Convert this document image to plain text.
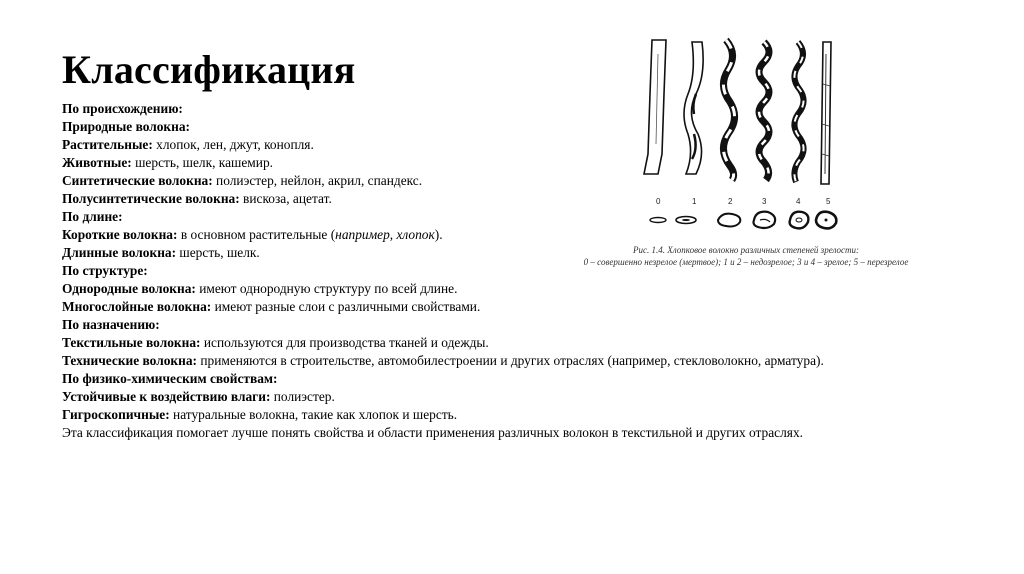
Классификация
По происхождению:
Природные волокна:
Растительные: хлопок, лен, джут, конопля.
Животные: шерсть, шелк, кашемир.
Синтетические волокна: полиэстер, нейлон, акрил, спандекс.
Полусинтетические волокна: вискоза, ацетат.
По длине:
Короткие волокна: в основном растительные (например, хлопок).
Длинные волокна: шерсть, шелк.
По структуре:
Однородные волокна: имеют однородную структуру по всей длине.
Многослойные волокна: имеют разные слои с различными свойствами.
По назначению:
Текстильные волокна: используются для производства тканей и одежды.
Технические волокна: применяются в строительстве, автомобилестроении и других отраслях (например, стекловолокно, арматура).
По физико-химическим свойствам:
Устойчивые к воздействию влаги: полиэстер.
Гигроскопичные: натуральные волокна, такие как хлопок и шерсть.
Эта классификация помогает лучше понять свойства и области применения различных волокон в текстильной и других отраслях.
0	1	2	3	4	5
Рис. 1.4. Хлопковое волокно различных степеней зрелости:
0 – совершенно незрелое (мертвое); 1 и 2 – недозрелое; 3 и 4 – зрелое; 5 – перезрелое
